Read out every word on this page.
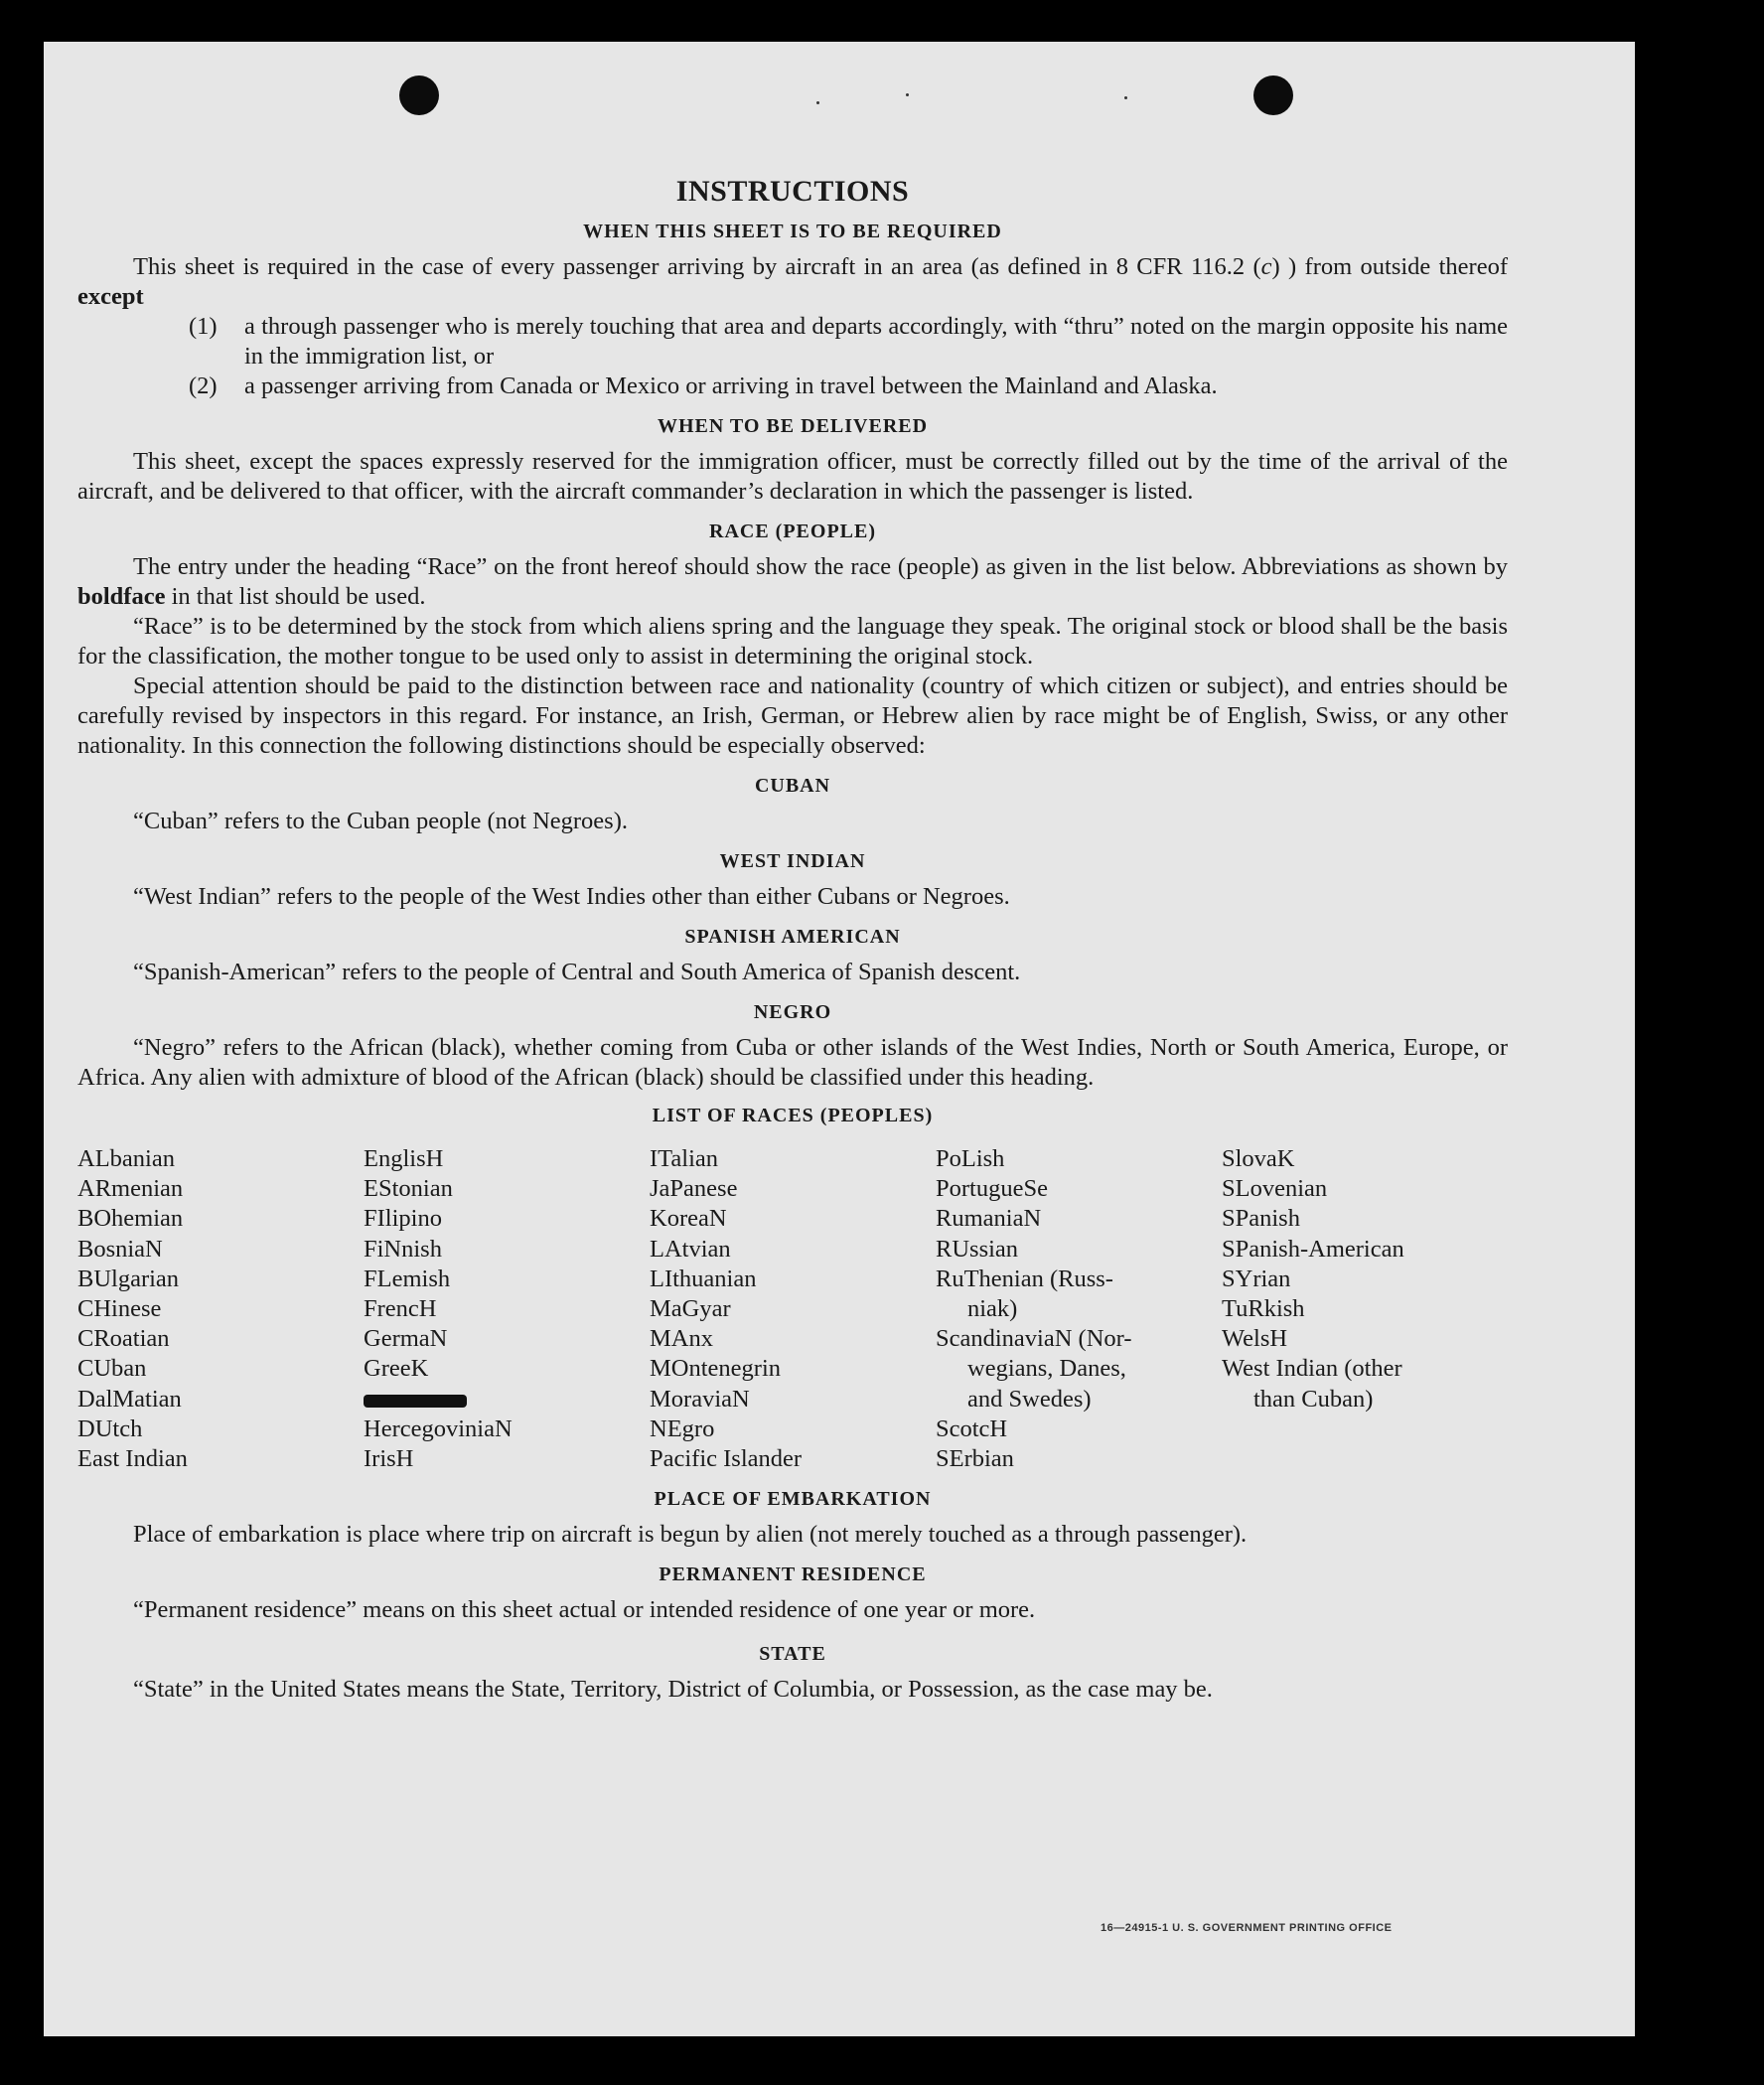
INSTRUCTIONS
WHEN THIS SHEET IS TO BE REQUIRED

This sheet is required in the case of every passenger arriving by aircraft in an area (as defined in 8 CFR 116.2 (c) ) from outside thereof except

(1)	a through passenger who is merely touching that area and departs accordingly, with “thru” noted on the margin opposite his name in the immigration list, or
(2)	a passenger arriving from Canada or Mexico or arriving in travel between the Mainland and Alaska.
WHEN TO BE DELIVERED

This sheet, except the spaces expressly reserved for the immigration officer, must be correctly filled out by the time of the arrival of the aircraft, and be delivered to that officer, with the aircraft commander’s declaration in which the passenger is listed.

RACE (PEOPLE)

The entry under the heading “Race” on the front hereof should show the race (people) as given in the list below. Abbreviations as shown by boldface in that list should be used.

“Race” is to be determined by the stock from which aliens spring and the language they speak. The original stock or blood shall be the basis for the classification, the mother tongue to be used only to assist in determining the original stock.

Special attention should be paid to the distinction between race and nationality (country of which citizen or subject), and entries should be carefully revised by inspectors in this regard. For instance, an Irish, German, or Hebrew alien by race might be of English, Swiss, or any other nationality. In this connection the following distinctions should be especially observed:

CUBAN

“Cuban” refers to the Cuban people (not Negroes).

WEST INDIAN

“West Indian” refers to the people of the West Indies other than either Cubans or Negroes.

SPANISH AMERICAN

“Spanish-American” refers to the people of Central and South America of Spanish descent.

NEGRO

“Negro” refers to the African (black), whether coming from Cuba or other islands of the West Indies, North or South America, Europe, or Africa. Any alien with admixture of blood of the African (black) should be classified under this heading.

LIST OF RACES (PEOPLES)
ALbanian
ARmenian
BOhemian
BosniaN
BUlgarian
CHinese
CRoatian
CUban
DalMatian
DUtch
East Indian
EnglisH
EStonian
FIlipino
FiNnish
FLemish
FrencH
GermaN
GreeK
HercegoviniaN
IrisH
ITalian
JaPanese
KoreaN
LAtvian
LIthuanian
MaGyar
MAnx
MOntenegrin
MoraviaN
NEgro
Pacific Islander
PoLish
PortugueSe
RumaniaN
RUssian
RuThenian (Russ-
niak)
ScandinaviaN (Nor-
wegians, Danes,
and Swedes)
ScotcH
SErbian
SlovaK
SLovenian
SPanish
SPanish-American
SYrian
TuRkish
WelsH
West Indian (other
than Cuban)
PLACE OF EMBARKATION

Place of embarkation is place where trip on aircraft is begun by alien (not merely touched as a through passenger).

PERMANENT RESIDENCE

“Permanent residence” means on this sheet actual or intended residence of one year or more.

STATE

“State” in the United States means the State, Territory, District of Columbia, or Possession, as the case may be.

16—24915-1 U. S. GOVERNMENT PRINTING OFFICE
